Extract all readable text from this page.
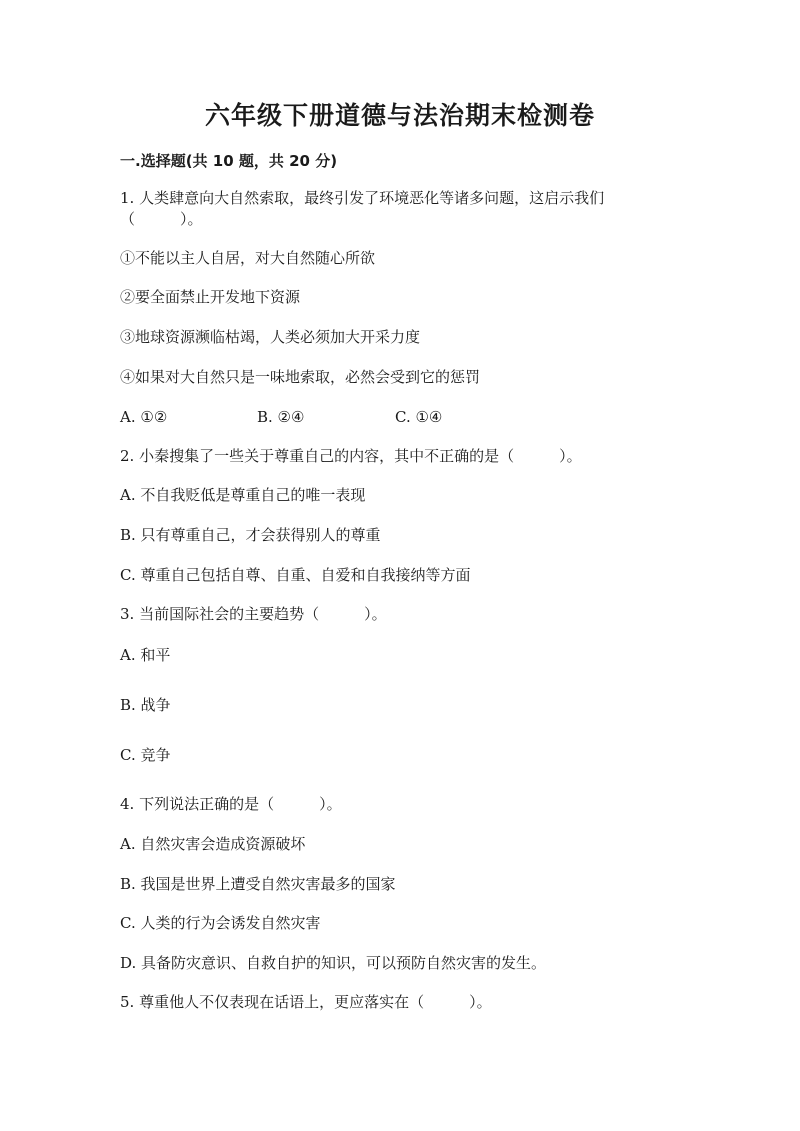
六年级下册道德与法治期末检测卷
一.选择题(共 10 题，共 20 分)
1. 人类肆意向大自然索取，最终引发了环境恶化等诸多问题，这启示我们
（　　　）。
①不能以主人自居，对大自然随心所欲
②要全面禁止开发地下资源
③地球资源濒临枯竭，人类必须加大开采力度
④如果对大自然只是一味地索取，必然会受到它的惩罚
A. ①②	B. ②④	C. ①④
2. 小秦搜集了一些关于尊重自己的内容，其中不正确的是（　　　）。
A. 不自我贬低是尊重自己的唯一表现
B. 只有尊重自己，才会获得别人的尊重
C. 尊重自己包括自尊、自重、自爱和自我接纳等方面
3. 当前国际社会的主要趋势（　　　）。
A. 和平
B. 战争
C. 竞争
4. 下列说法正确的是（　　　）。
A. 自然灾害会造成资源破坏
B. 我国是世界上遭受自然灾害最多的国家
C. 人类的行为会诱发自然灾害
D. 具备防灾意识、自救自护的知识，可以预防自然灾害的发生。
5. 尊重他人不仅表现在话语上，更应落实在（　　　）。
